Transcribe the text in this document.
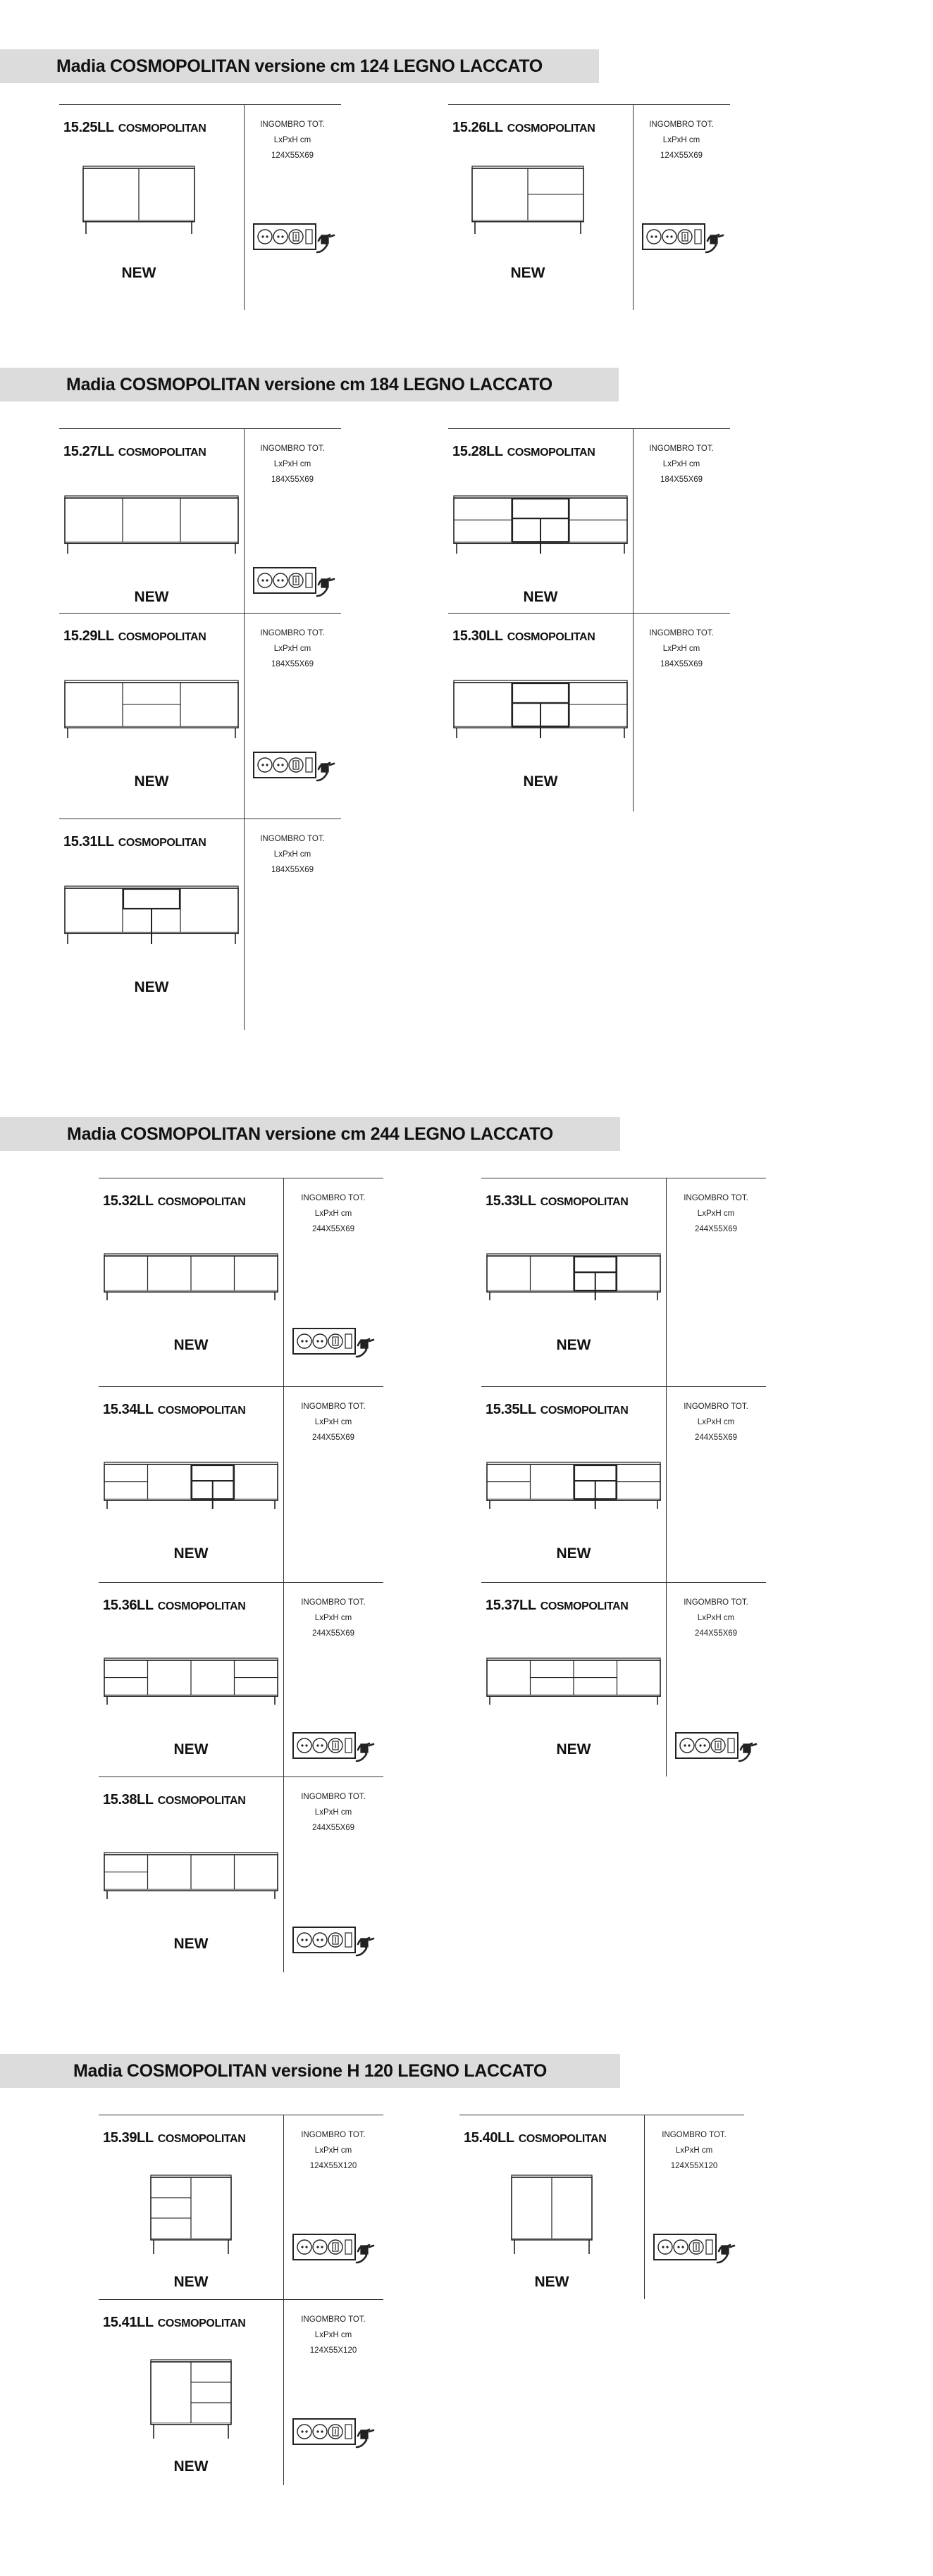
Madia COSMOPOLITAN versione cm 124 LEGNO LACCATO
15.25LL COSMOPOLITAN	INGOMBRO TOT.
LxPxH cm
124X55X69
NEW
15.26LL COSMOPOLITAN	INGOMBRO TOT.
LxPxH cm
124X55X69
NEW
Madia COSMOPOLITAN versione cm 184 LEGNO LACCATO
15.27LL COSMOPOLITAN	INGOMBRO TOT.
LxPxH cm
184X55X69
NEW
15.28LL COSMOPOLITAN	INGOMBRO TOT.
LxPxH cm
184X55X69
NEW
15.29LL COSMOPOLITAN	INGOMBRO TOT.
LxPxH cm
184X55X69
NEW
15.30LL COSMOPOLITAN	INGOMBRO TOT.
LxPxH cm
184X55X69
NEW
15.31LL COSMOPOLITAN	INGOMBRO TOT.
LxPxH cm
184X55X69
NEW
Madia COSMOPOLITAN versione cm 244 LEGNO LACCATO
15.32LL COSMOPOLITAN	INGOMBRO TOT.
LxPxH cm
244X55X69
NEW
15.33LL COSMOPOLITAN	INGOMBRO TOT.
LxPxH cm
244X55X69
NEW
15.34LL COSMOPOLITAN	INGOMBRO TOT.
LxPxH cm
244X55X69
NEW
15.35LL COSMOPOLITAN	INGOMBRO TOT.
LxPxH cm
244X55X69
NEW
15.36LL COSMOPOLITAN	INGOMBRO TOT.
LxPxH cm
244X55X69
NEW
15.37LL COSMOPOLITAN	INGOMBRO TOT.
LxPxH cm
244X55X69
NEW
15.38LL COSMOPOLITAN	INGOMBRO TOT.
LxPxH cm
244X55X69
NEW
Madia COSMOPOLITAN versione H 120 LEGNO LACCATO
15.39LL COSMOPOLITAN	INGOMBRO TOT.
LxPxH cm
124X55X120
NEW
15.40LL COSMOPOLITAN	INGOMBRO TOT.
LxPxH cm
124X55X120
NEW
15.41LL COSMOPOLITAN	INGOMBRO TOT.
LxPxH cm
124X55X120
NEW
